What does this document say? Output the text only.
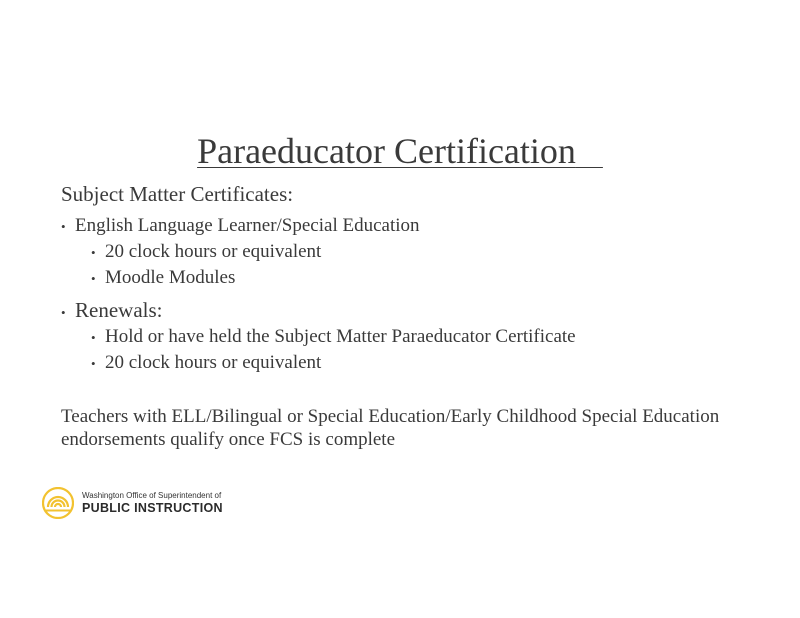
Paraeducator Certification
Subject Matter Certificates:
• English Language Learner/Special Education
• 20 clock hours or equivalent
• Moodle Modules
• Renewals:
• Hold or have held the Subject Matter Paraeducator Certificate
• 20 clock hours or equivalent
Teachers with ELL/Bilingual or Special Education/Early Childhood Special Education endorsements qualify once FCS is complete
Washington Office of Superintendent of
PUBLIC INSTRUCTION
